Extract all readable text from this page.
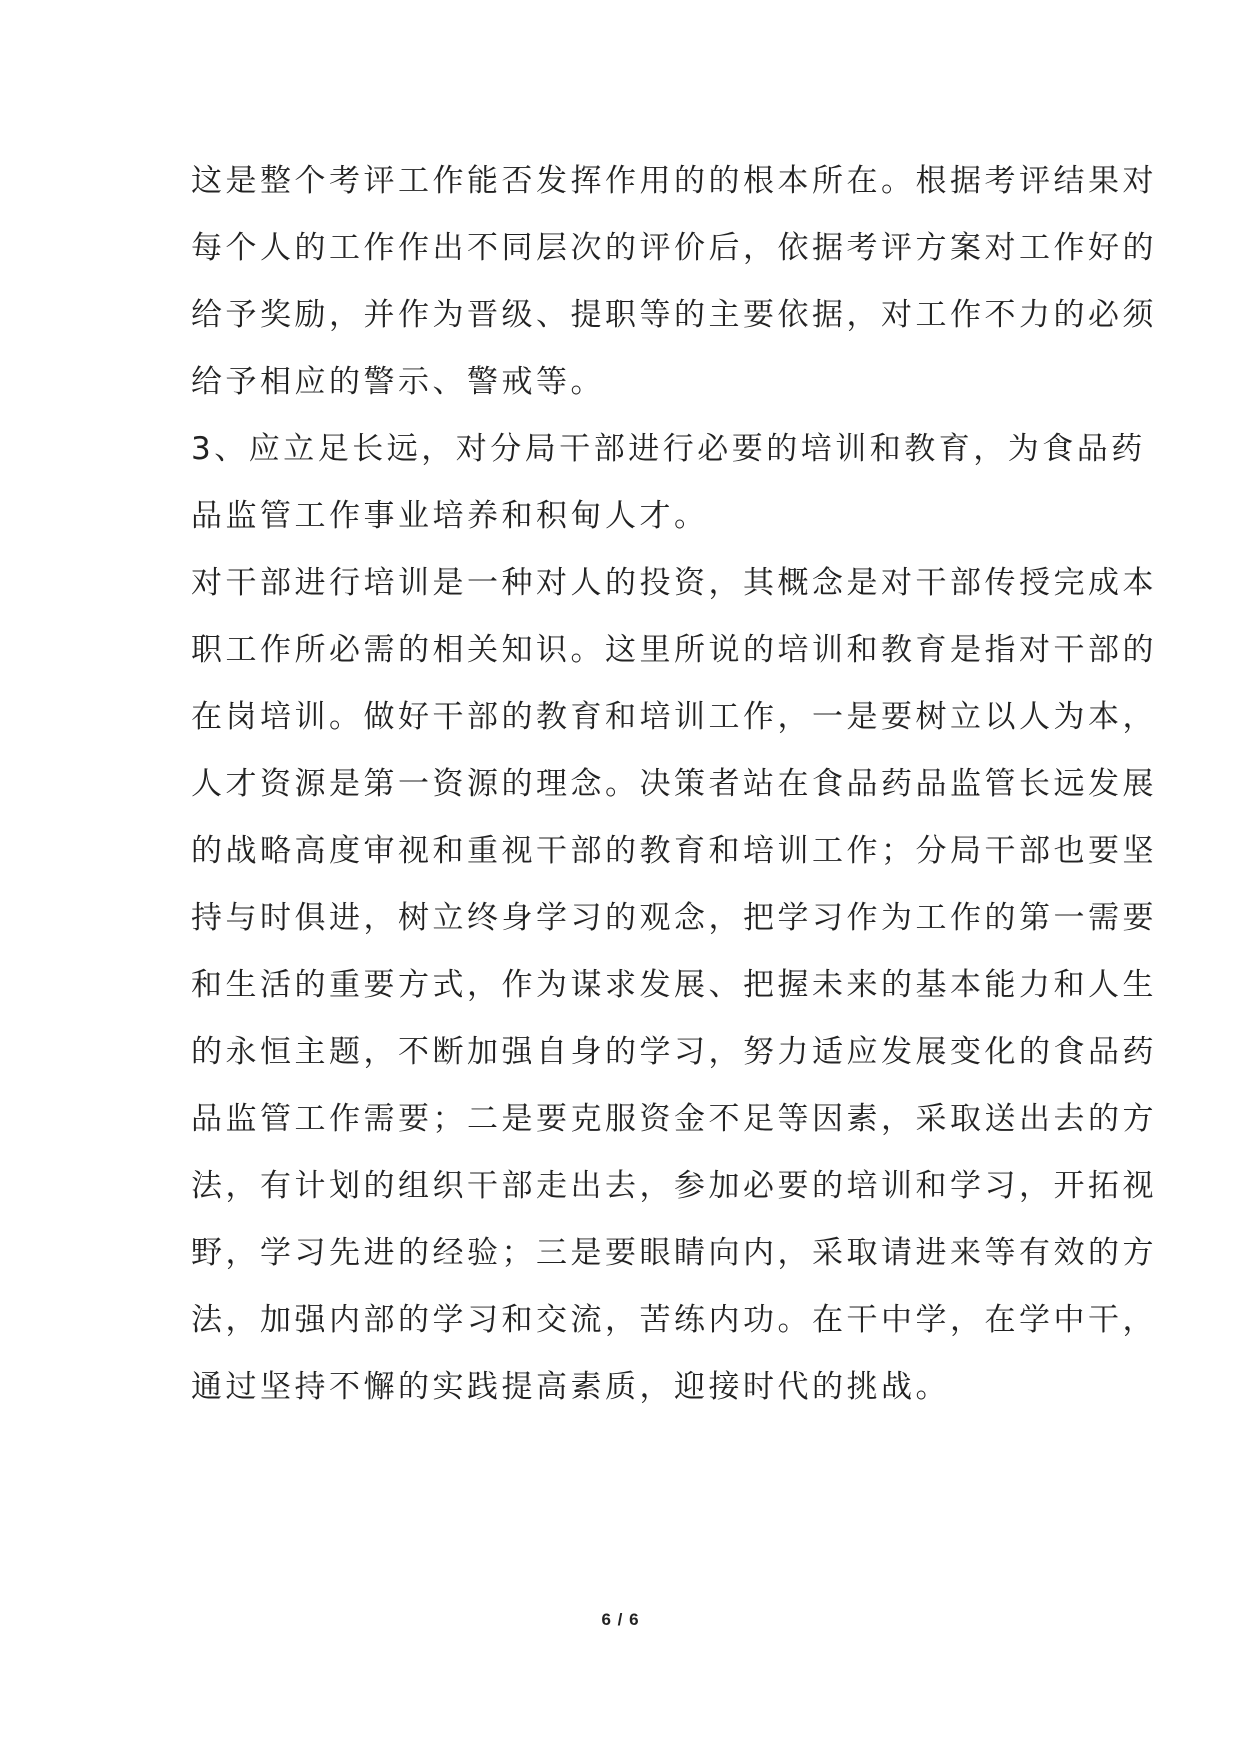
这是整个考评工作能否发挥作用的的根本所在。根据考评结果对
每个人的工作作出不同层次的评价后，依据考评方案对工作好的
给予奖励，并作为晋级、提职等的主要依据，对工作不力的必须
给予相应的警示、警戒等。
3、应立足长远，对分局干部进行必要的培训和教育，为食品药
品监管工作事业培养和积甸人才。
对干部进行培训是一种对人的投资，其概念是对干部传授完成本
职工作所必需的相关知识。这里所说的培训和教育是指对干部的
在岗培训。做好干部的教育和培训工作，一是要树立以人为本，
人才资源是第一资源的理念。决策者站在食品药品监管长远发展
的战略高度审视和重视干部的教育和培训工作；分局干部也要坚
持与时俱进，树立终身学习的观念，把学习作为工作的第一需要
和生活的重要方式，作为谋求发展、把握未来的基本能力和人生
的永恒主题，不断加强自身的学习，努力适应发展变化的食品药
品监管工作需要；二是要克服资金不足等因素，采取送出去的方
法，有计划的组织干部走出去，参加必要的培训和学习，开拓视
野，学习先进的经验；三是要眼睛向内，采取请进来等有效的方
法，加强内部的学习和交流，苦练内功。在干中学，在学中干，
通过坚持不懈的实践提高素质，迎接时代的挑战。
6 / 6
